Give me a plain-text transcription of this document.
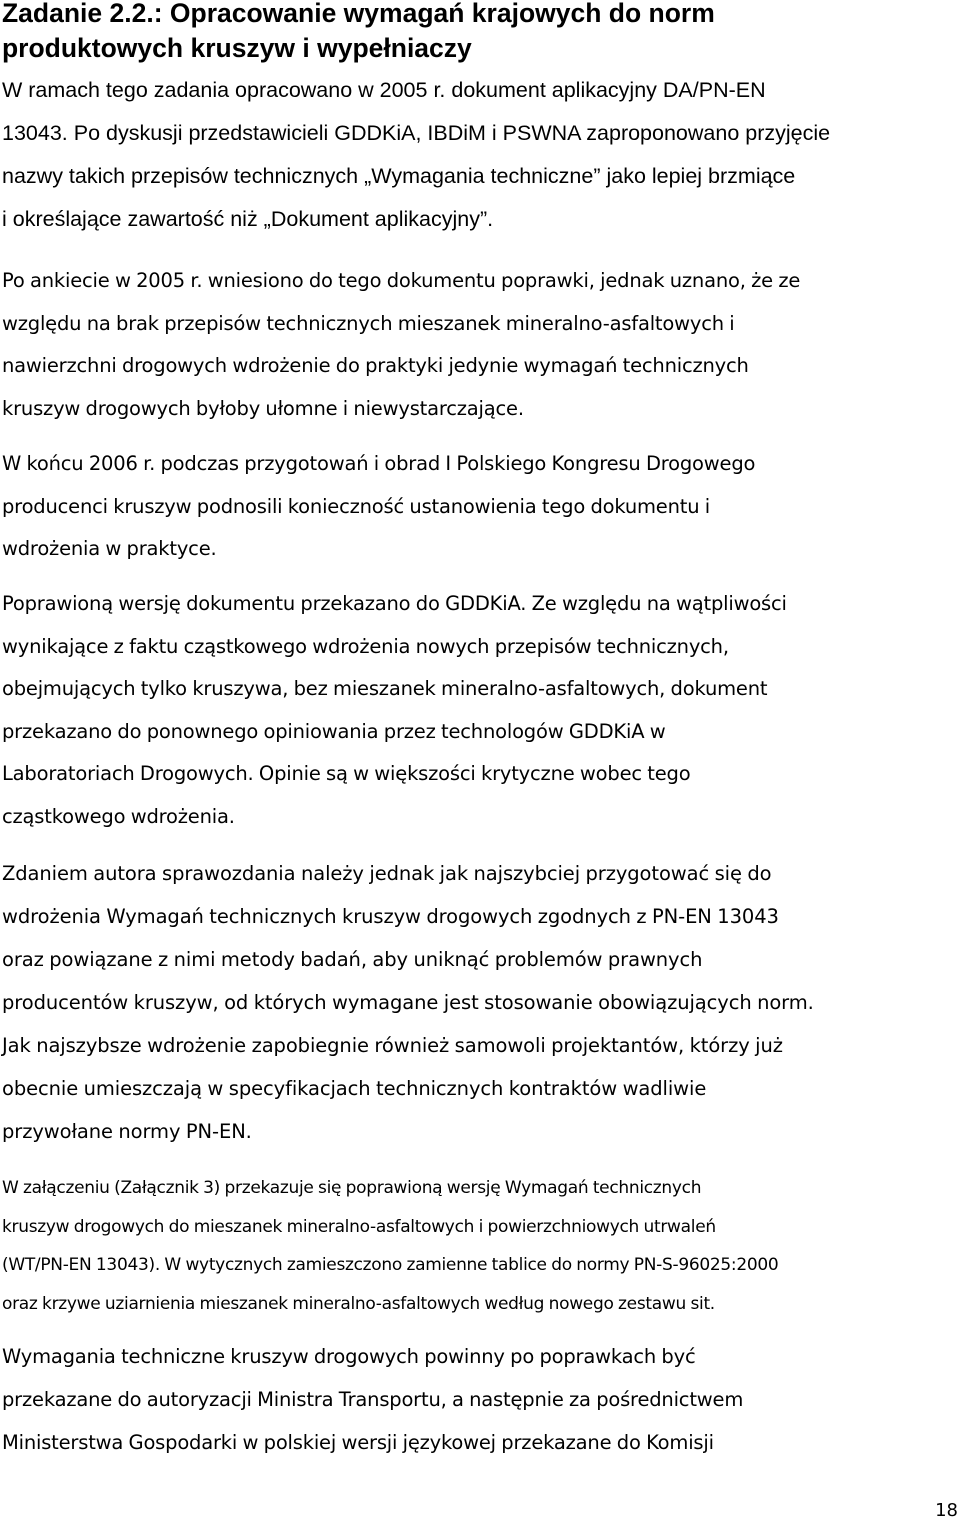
Zadanie 2.2.: Opracowanie wymagań krajowych do norm
produktowych kruszyw i wypełniaczy

W ramach tego zadania opracowano w 2005 r. dokument aplikacyjny DA/PN-EN
13043. Po dyskusji przedstawicieli GDDKiA, IBDiM i PSWNA zaproponowano przyjęcie
nazwy takich przepisów technicznych „Wymagania techniczne” jako lepiej brzmiące
i określające zawartość niż „Dokument aplikacyjny”.

Po ankiecie w 2005 r. wniesiono do tego dokumentu poprawki, jednak uznano, że ze
względu na brak przepisów technicznych mieszanek mineralno-asfaltowych i
nawierzchni drogowych wdrożenie do praktyki jedynie wymagań technicznych
kruszyw drogowych byłoby ułomne i niewystarczające.

W końcu 2006 r. podczas przygotowań i obrad I Polskiego Kongresu Drogowego
producenci kruszyw podnosili konieczność ustanowienia tego dokumentu i
wdrożenia w praktyce.

Poprawioną wersję dokumentu przekazano do GDDKiA. Ze względu na wątpliwości
wynikające z faktu cząstkowego wdrożenia nowych przepisów technicznych,
obejmujących tylko kruszywa, bez mieszanek mineralno-asfaltowych, dokument
przekazano do ponownego opiniowania przez technologów GDDKiA w
Laboratoriach Drogowych. Opinie są w większości krytyczne wobec tego
cząstkowego wdrożenia.

Zdaniem autora sprawozdania należy jednak jak najszybciej przygotować się do
wdrożenia Wymagań technicznych kruszyw drogowych zgodnych z PN-EN 13043
oraz powiązane z nimi metody badań, aby uniknąć problemów prawnych
producentów kruszyw, od których wymagane jest stosowanie obowiązujących norm.
Jak najszybsze wdrożenie zapobiegnie również samowoli projektantów, którzy już
obecnie umieszczają w specyfikacjach technicznych kontraktów wadliwie
przywołane normy PN-EN.

W załączeniu (Załącznik 3) przekazuje się poprawioną wersję Wymagań technicznych
kruszyw drogowych do mieszanek mineralno-asfaltowych i powierzchniowych utrwaleń
(WT/PN-EN 13043). W wytycznych zamieszczono zamienne tablice do normy PN-S-96025:2000
oraz krzywe uziarnienia mieszanek mineralno-asfaltowych według nowego zestawu sit.

Wymagania techniczne kruszyw drogowych powinny po poprawkach być
przekazane do autoryzacji Ministra Transportu, a następnie za pośrednictwem
Ministerstwa Gospodarki w polskiej wersji językowej przekazane do Komisji

18
